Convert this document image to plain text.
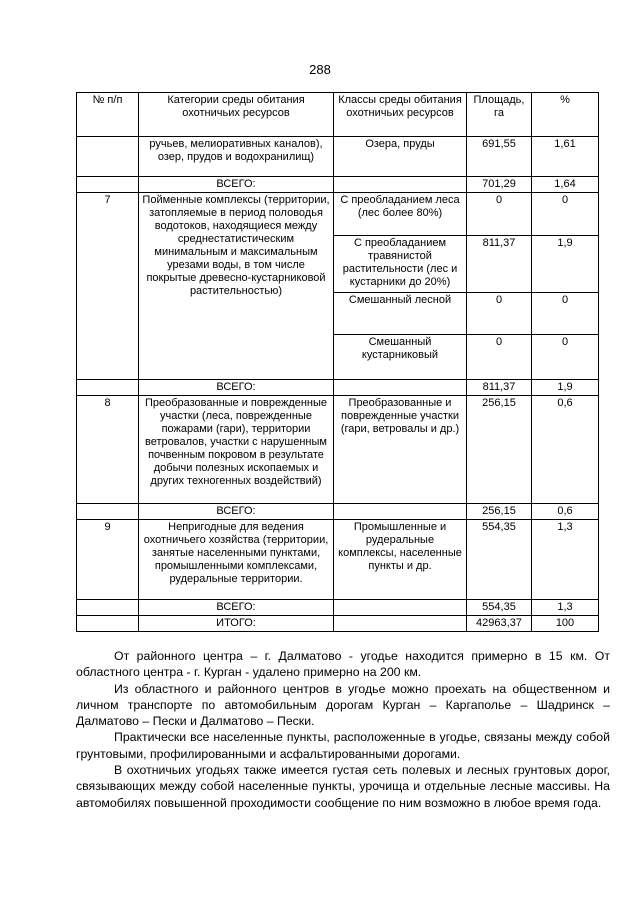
288
№ п/п	Категории среды обитания охотничьих ресурсов	Классы среды обитания охотничьих ресурсов	Площадь, га	%
	ручьев, мелиоративных каналов), озер, прудов и водохранилищ)	Озера, пруды	691,55	1,61
	ВСЕГО:		701,29	1,64
7	Пойменные комплексы (территории, затопляемые в период половодья водотоков, находящиеся между среднестатистическим минимальным и максимальным урезами воды, в том числе покрытые древесно-кустарниковой растительностью)	С преобладанием леса (лес более 80%)	0	0
		С преобладанием травянистой растительности (лес и кустарники до 20%)	811,37	1,9
		Смешанный лесной	0	0
		Смешанный кустарниковый	0	0
	ВСЕГО:		811,37	1,9
8	Преобразованные и поврежденные участки (леса, поврежденные пожарами (гари), территории ветровалов, участки с нарушенным почвенным покровом в результате добычи полезных ископаемых и других техногенных воздействий)	Преобразованные и поврежденные участки (гари, ветровалы и др.)	256,15	0,6
	ВСЕГО:		256,15	0,6
9	Непригодные для ведения охотничьего хозяйства (территории, занятые населенными пунктами, промышленными комплексами, рудеральные территории.	Промышленные и рудеральные комплексы, населенные пункты и др.	554,35	1,3
	ВСЕГО:		554,35	1,3
	ИТОГО:		42963,37	100

От районного центра – г. Далматово - угодье находится примерно в 15 км. От областного центра - г. Курган - удалено примерно на 200 км.

Из областного и районного центров в угодье можно проехать на общественном и личном транспорте по автомобильным дорогам Курган – Каргаполье – Шадринск – Далматово – Пески и Далматово – Пески.

Практически все населенные пункты, расположенные в угодье, связаны между собой грунтовыми, профилированными и асфальтированными дорогами.

В охотничьих угодьях также имеется густая сеть полевых и лесных грунтовых дорог, связывающих между собой населенные пункты, урочища и отдельные лесные массивы. На автомобилях повышенной проходимости сообщение по ним возможно в любое время года.
